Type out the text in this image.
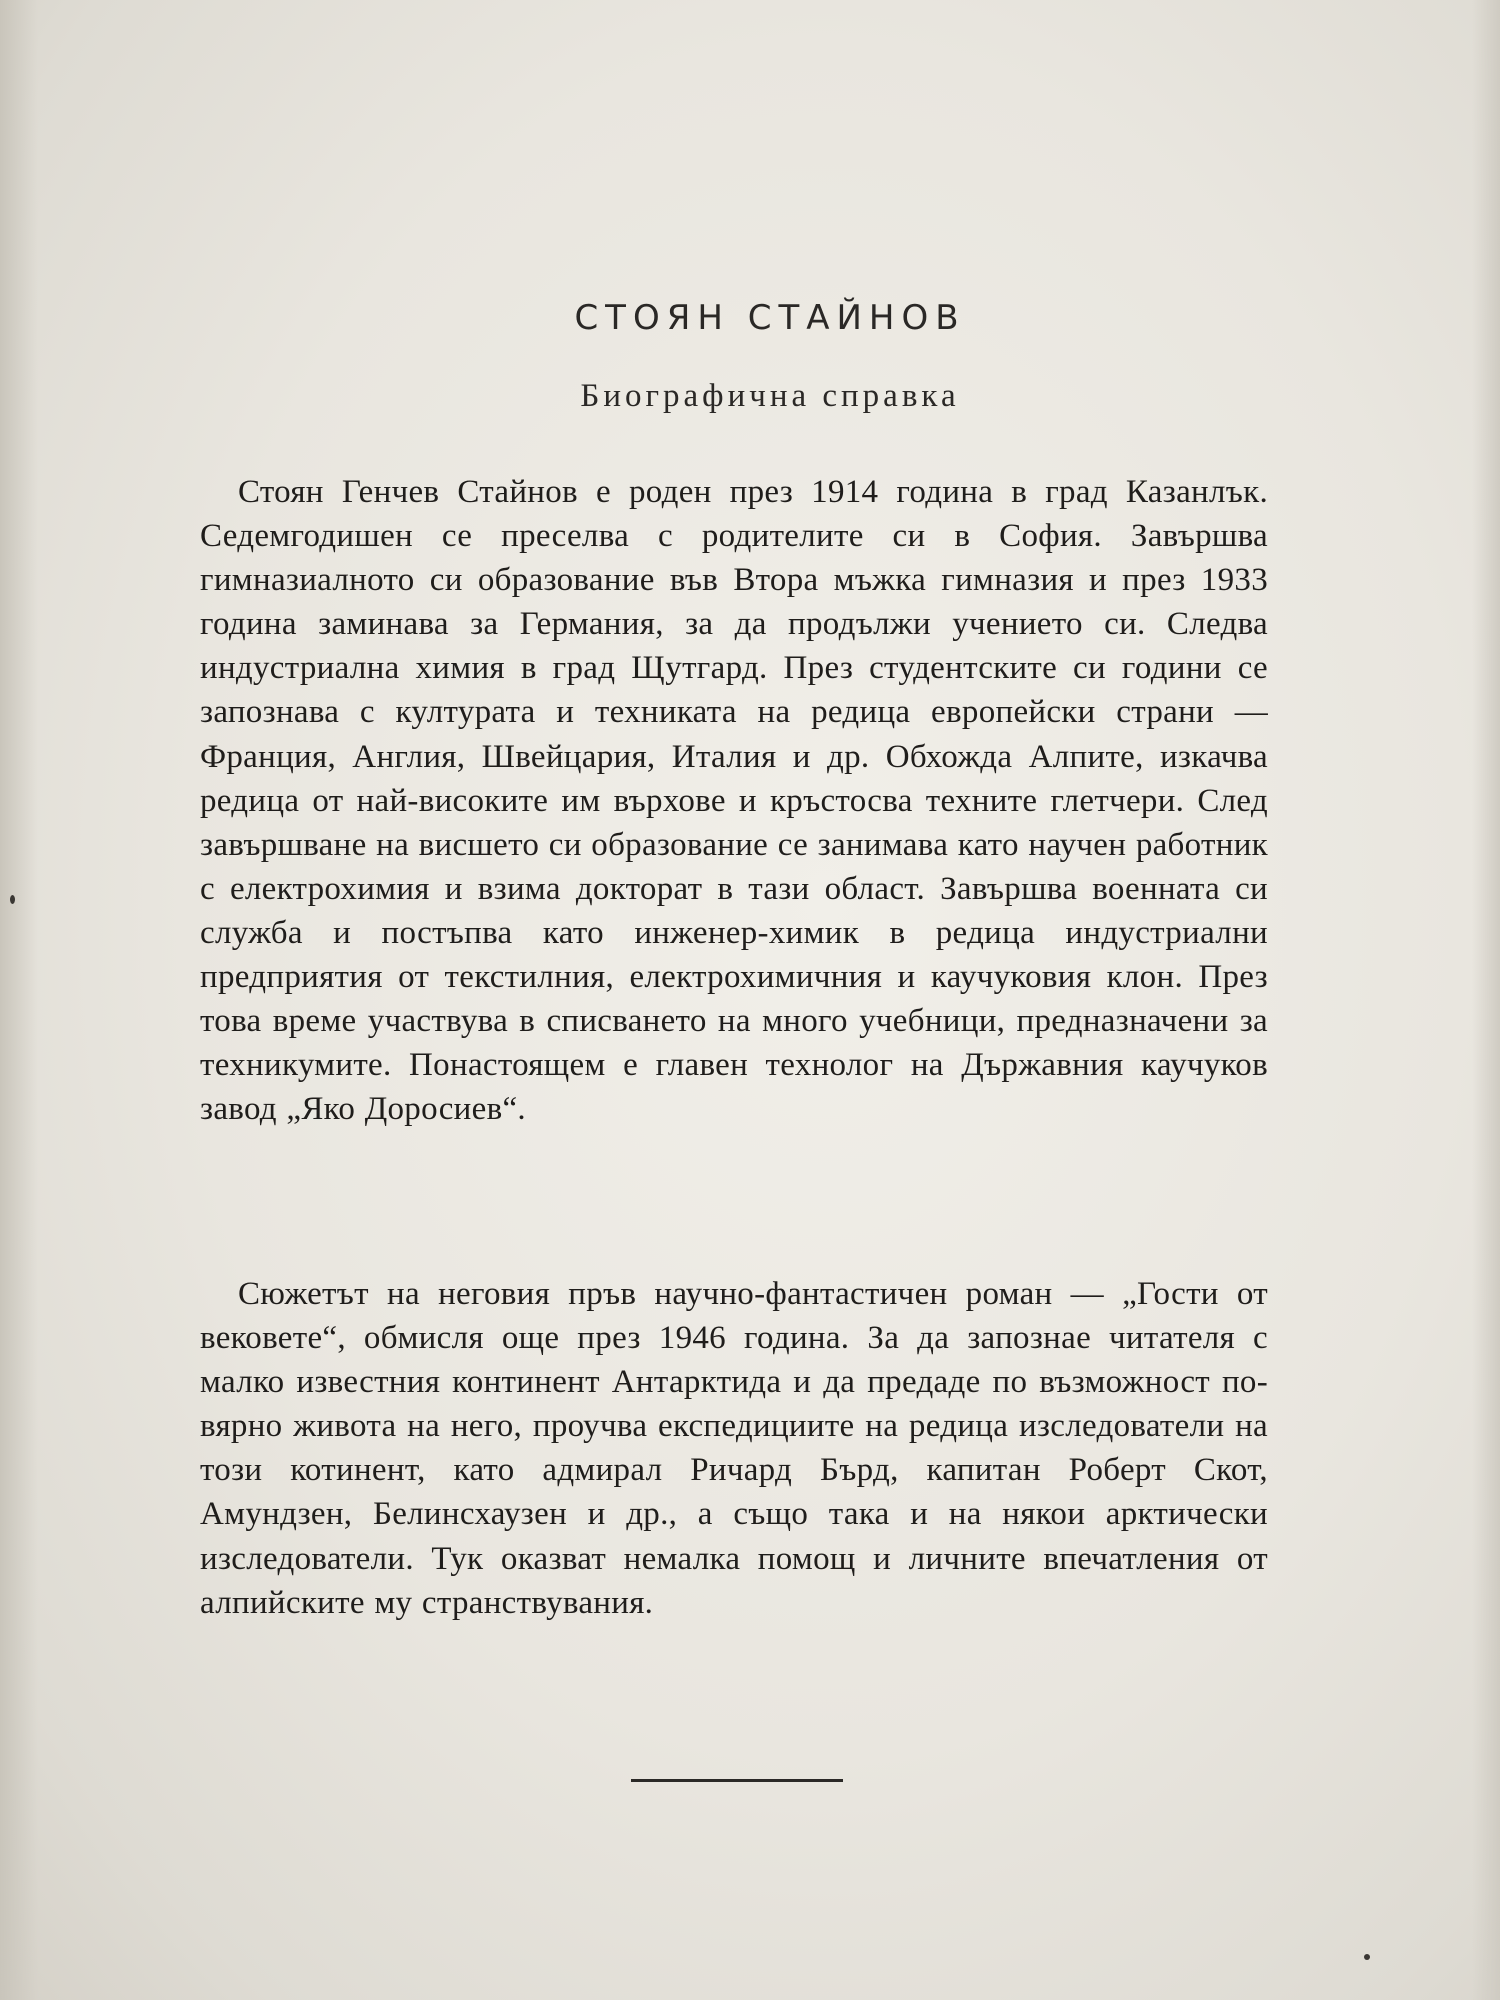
СТОЯН СТАЙНОВ
Биографична справка

Стоян Генчев Стайнов е роден през 1914 година в град Казанлък. Седемгодишен се преселва с родителите си в София. Завършва гимназиалното си образование във Втора мъжка гимназия и през 1933 година заминава за Германия, за да продължи учението си. Следва индустриална химия в град Щутгард. През студентските си години се запознава с културата и техниката на редица европейски страни — Франция, Англия, Швейцария, Италия и др. Обхожда Алпите, изкачва редица от най-високите им върхове и кръстосва техните глетчери. След завършване на висшето си образование се занимава като научен работник с електрохимия и взима докторат в тази област. Завършва военната си служба и постъпва като инженер-химик в редица индустриални предприятия от текстилния, електрохимичния и каучуковия клон. През това време участвува в списването на много учебници, предназначени за техникумите. Понастоящем е главен технолог на Държавния каучуков завод „Яко Доросиев“.

Сюжетът на неговия пръв научно-фантастичен роман — „Гости от вековете“, обмисля още през 1946 година. За да запознае читателя с малко известния континент Антарктида и да предаде по възможност по-вярно живота на него, проучва експедициите на редица изследователи на този котинент, като адмирал Ричард Бърд, капитан Роберт Скот, Амундзен, Белинсхаузен и др., а също така и на някои арктически изследователи. Тук оказват немалка помощ и личните впечатления от алпийските му странствувания.
